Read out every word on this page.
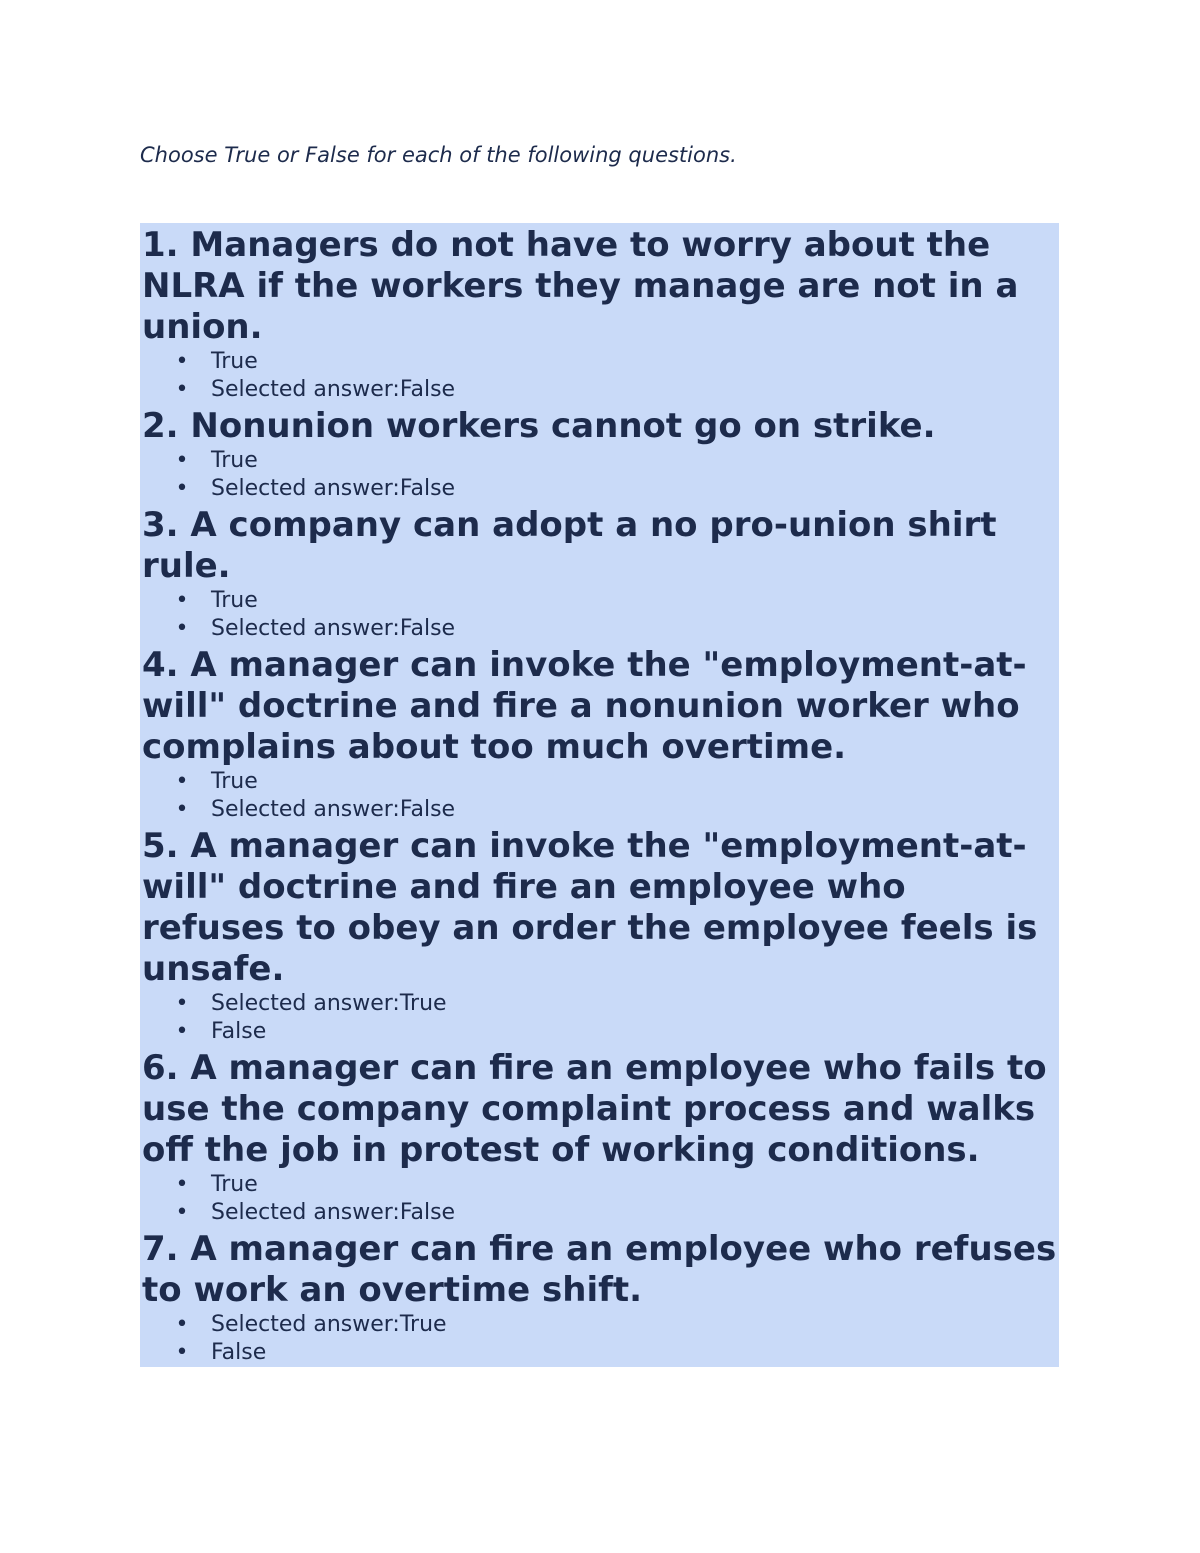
Choose True or False for each of the following questions.

1. Managers do not have to worry about the NLRA if the workers they manage are not in a union.
• True
• Selected answer:False
2. Nonunion workers cannot go on strike.
• True
• Selected answer:False
3. A company can adopt a no pro-union shirt rule.
• True
• Selected answer:False
4. A manager can invoke the "employment-at-will" doctrine and fire a nonunion worker who complains about too much overtime.
• True
• Selected answer:False
5. A manager can invoke the "employment-at-will" doctrine and fire an employee who refuses to obey an order the employee feels is unsafe.
• Selected answer:True
• False
6. A manager can fire an employee who fails to use the company complaint process and walks off the job in protest of working conditions.
• True
• Selected answer:False
7. A manager can fire an employee who refuses to work an overtime shift.
• Selected answer:True
• False
